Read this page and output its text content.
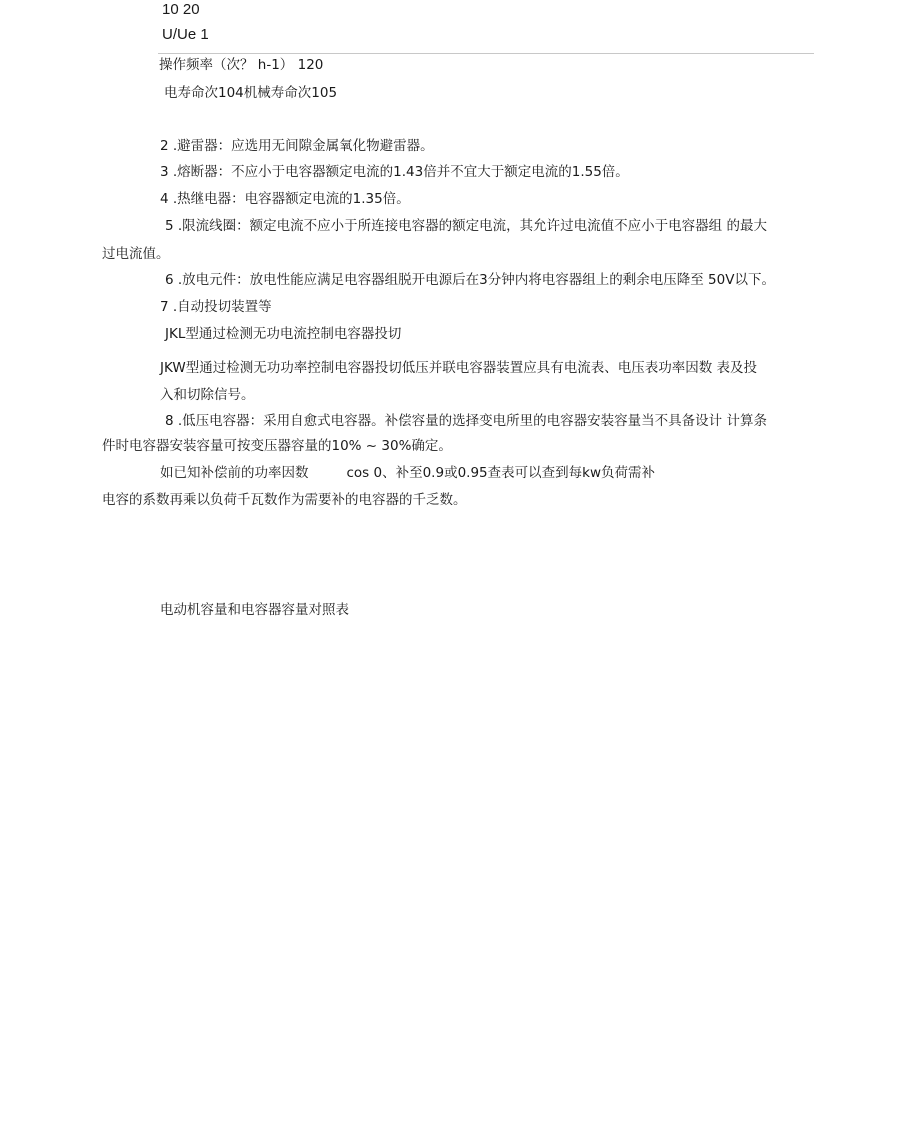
10 20
U/Ue 1
操作频率（次？ h-1） 120
电寿命次104机械寿命次105
2 .避雷器：应选用无间隙金属氧化物避雷器。
3 .熔断器：不应小于电容器额定电流的1.43倍并不宜大于额定电流的1.55倍。
4 .热继电器：电容器额定电流的1.35倍。
5 .限流线圈：额定电流不应小于所连接电容器的额定电流，其允许过电流值不应小于电容器组 的最大
过电流值。
6 .放电元件：放电性能应满足电容器组脱开电源后在3分钟内将电容器组上的剩余电压降至 50V以下。
7 .自动投切装置等
JKL型通过检测无功电流控制电容器投切
JKW型通过检测无功功率控制电容器投切低压并联电容器装置应具有电流表、电压表功率因数 表及投
入和切除信号。
8 .低压电容器：采用自愈式电容器。补偿容量的选择变电所里的电容器安装容量当不具备设计 计算条
件时电容器安装容量可按变压器容量的10% ~ 30%确定。
如已知补偿前的功率因数	cos 0、补至0.9或0.95查表可以查到每kw负荷需补
电容的系数再乘以负荷千瓦数作为需要补的电容器的千乏数。
电动机容量和电容器容量对照表
